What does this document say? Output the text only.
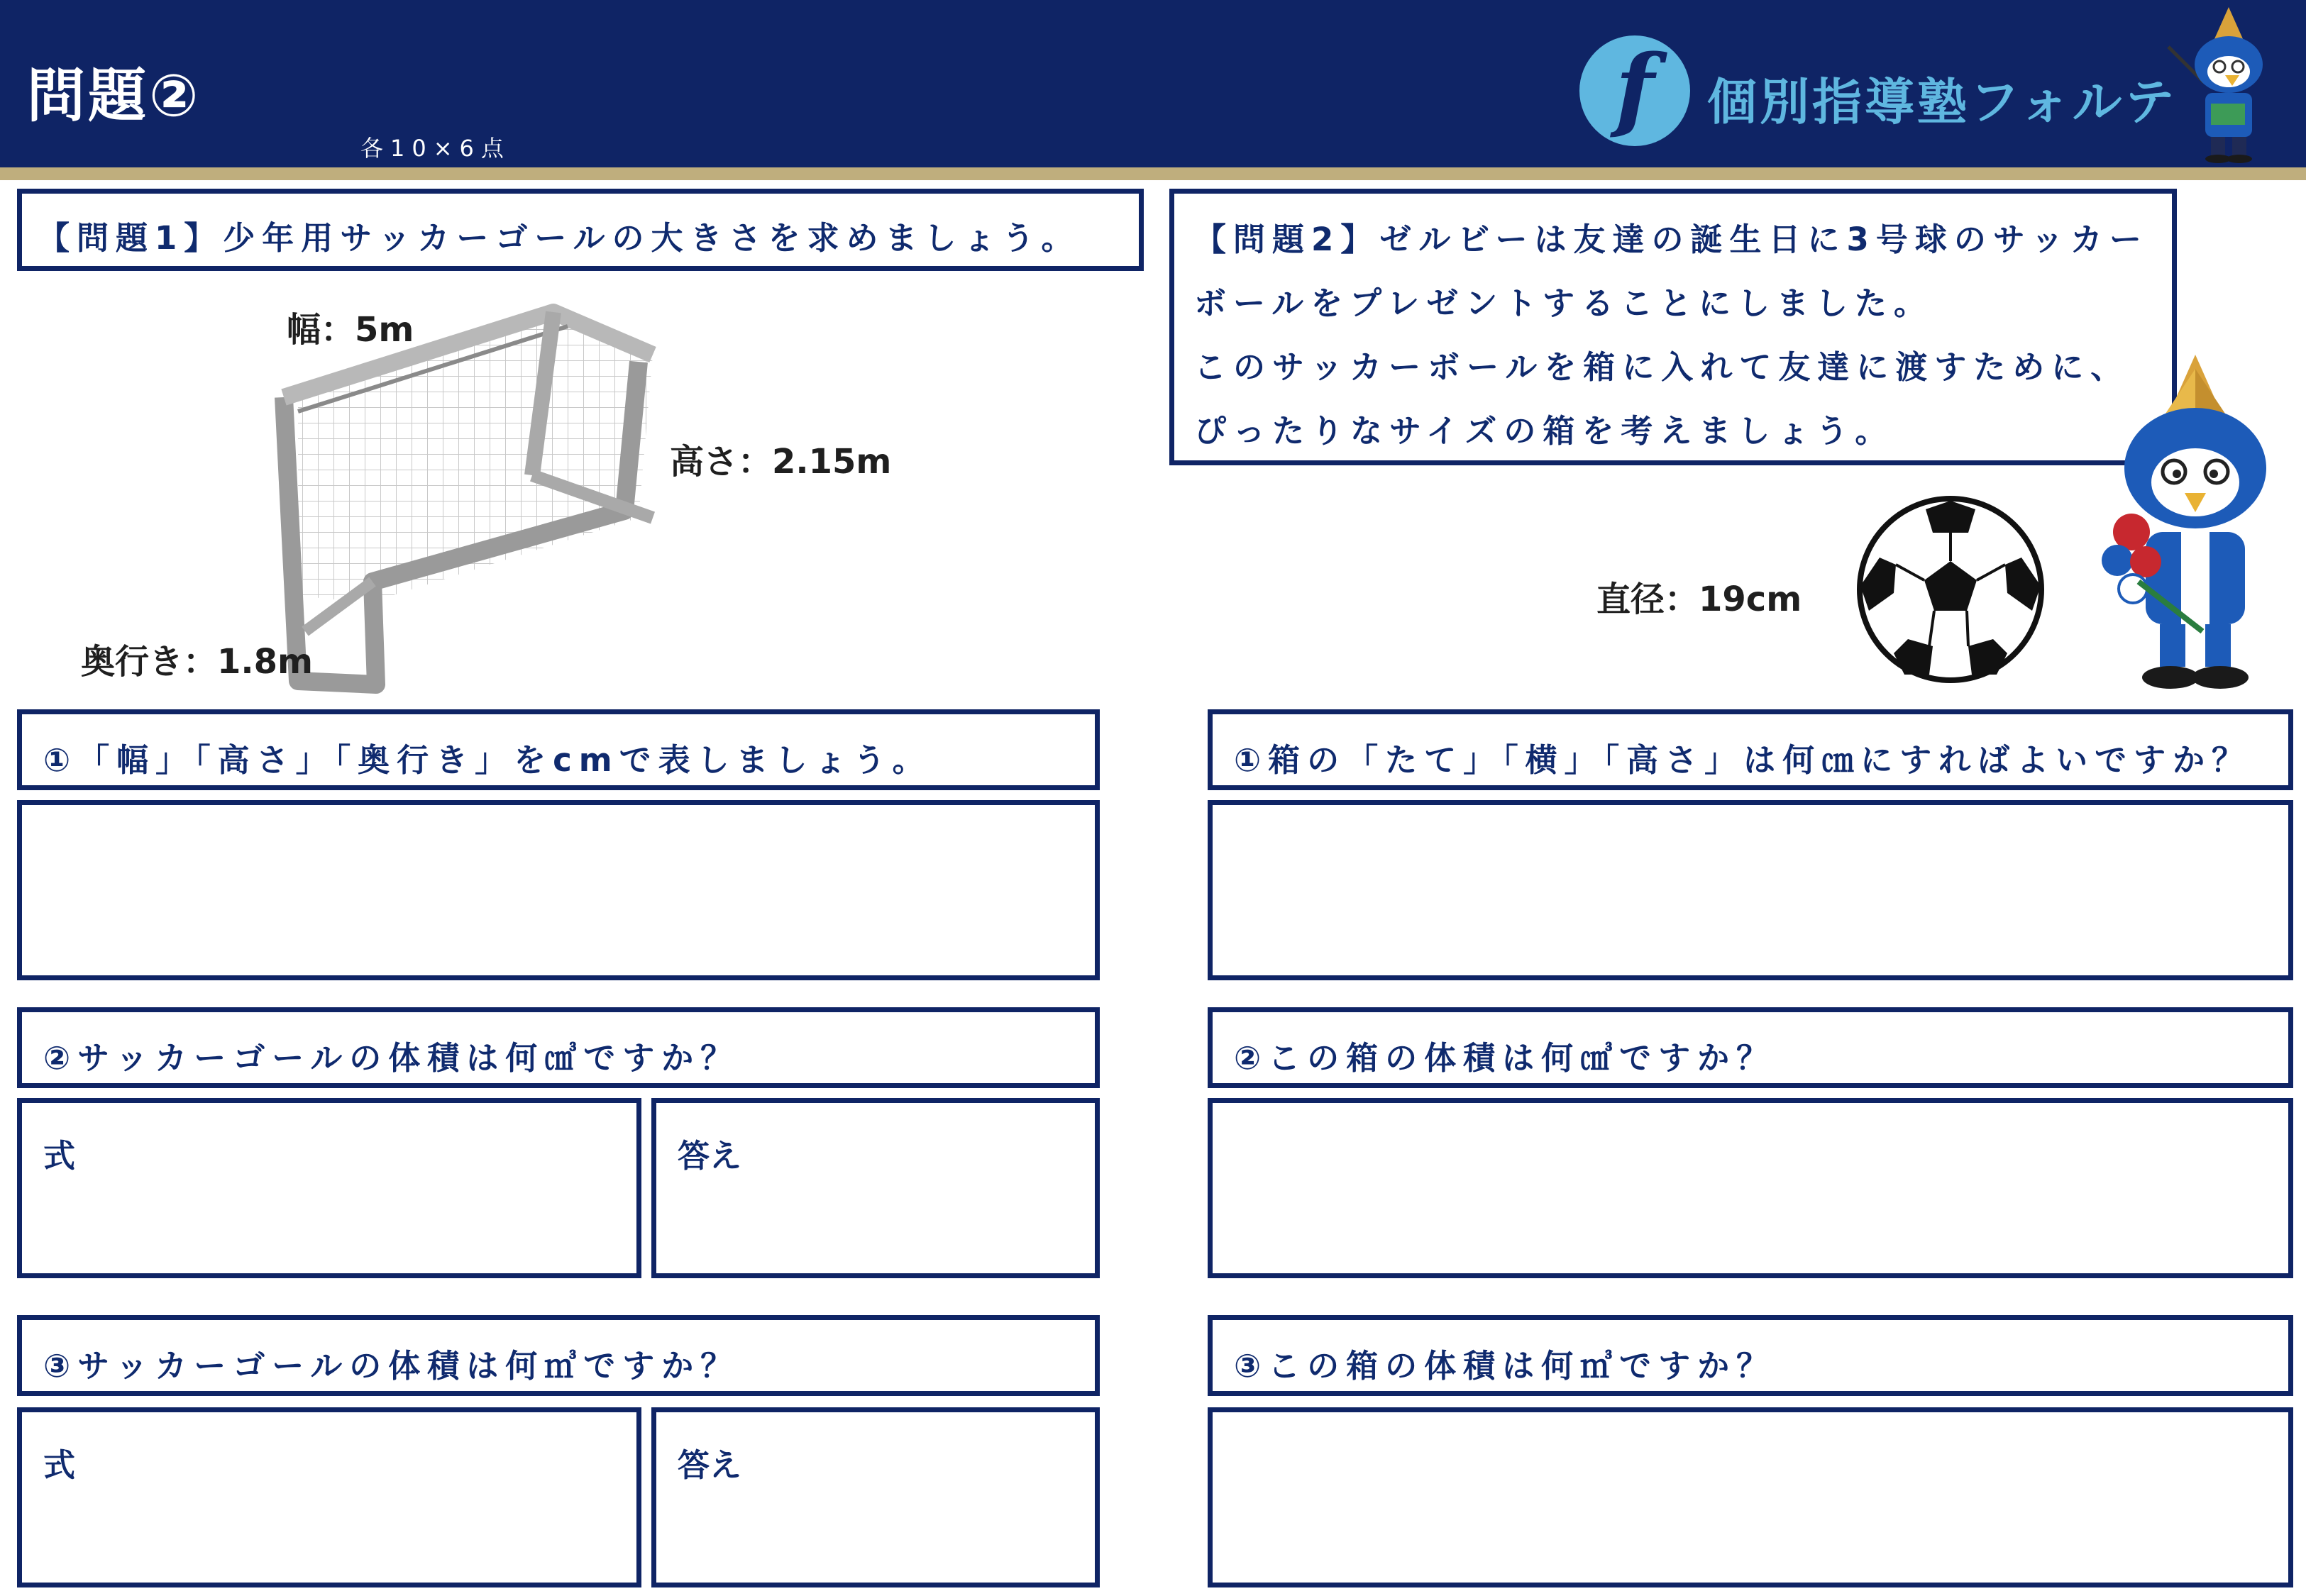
問題②
各10×6点
f	個別指導塾フォルテ
【問題1】少年用サッカーゴールの大きさを求めましょう。
幅：5m
高さ：2.15m
奥行き：1.8m
①「幅」「高さ」「奥行き」をcmで表しましょう。
②サッカーゴールの体積は何㎤ですか？
式	答え
③サッカーゴールの体積は何㎥ですか？
式	答え
【問題2】ゼルビーは友達の誕生日に3号球のサッカー
ボールをプレゼントすることにしました。
このサッカーボールを箱に入れて友達に渡すために、
ぴったりなサイズの箱を考えましょう。
直径：19cm
①箱の「たて」「横」「高さ」は何㎝にすればよいですか？
②この箱の体積は何㎤ですか？
③この箱の体積は何㎥ですか？
